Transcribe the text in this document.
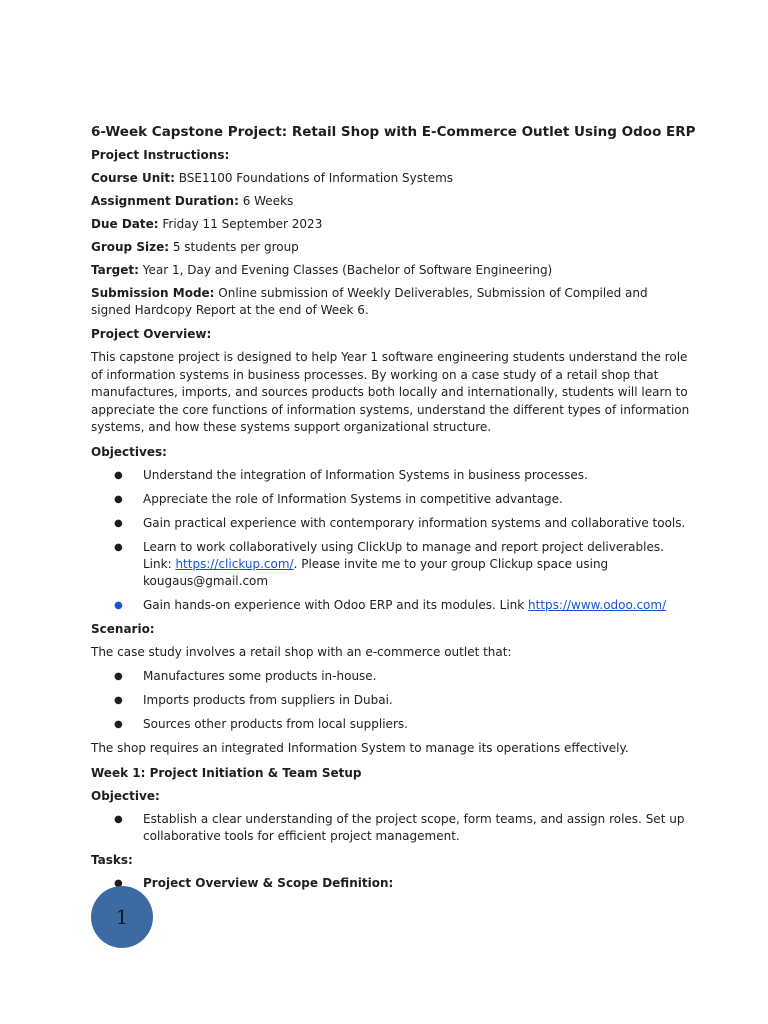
6-Week Capstone Project: Retail Shop with E-Commerce Outlet Using Odoo ERP
Project Instructions:
Course Unit: BSE1100 Foundations of Information Systems
Assignment Duration: 6 Weeks
Due Date: Friday 11 September 2023
Group Size: 5 students per group
Target: Year 1, Day and Evening Classes (Bachelor of Software Engineering)
Submission Mode: Online submission of Weekly Deliverables, Submission of Compiled and signed Hardcopy Report at the end of Week 6.
Project Overview:
This capstone project is designed to help Year 1 software engineering students understand the role of information systems in business processes. By working on a case study of a retail shop that manufactures, imports, and sources products both locally and internationally, students will learn to appreciate the core functions of information systems, understand the different types of information systems, and how these systems support organizational structure.
Objectives:
● Understand the integration of Information Systems in business processes.
● Appreciate the role of Information Systems in competitive advantage.
● Gain practical experience with contemporary information systems and collaborative tools.
● Learn to work collaboratively using ClickUp to manage and report project deliverables. Link: https://clickup.com/. Please invite me to your group Clickup space using kougaus@gmail.com
● Gain hands-on experience with Odoo ERP and its modules. Link https://www.odoo.com/
Scenario:
The case study involves a retail shop with an e-commerce outlet that:
● Manufactures some products in-house.
● Imports products from suppliers in Dubai.
● Sources other products from local suppliers.
The shop requires an integrated Information System to manage its operations effectively.
Week 1: Project Initiation & Team Setup
Objective:
● Establish a clear understanding of the project scope, form teams, and assign roles. Set up collaborative tools for efficient project management.
Tasks:
● Project Overview & Scope Definition:
1
